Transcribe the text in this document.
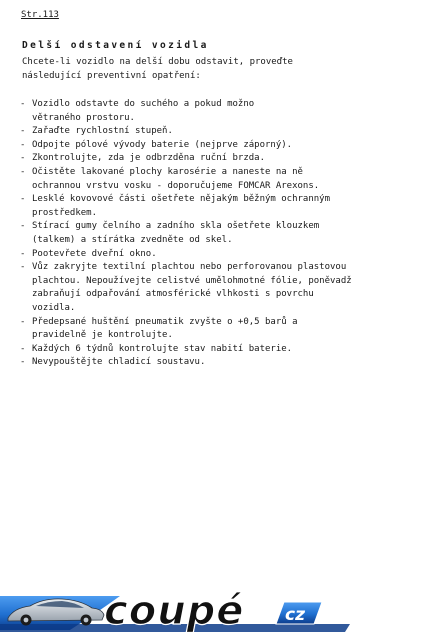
Str.113
Delší odstavení vozidla
Chcete-li vozidlo na delší dobu odstavit, proveďte
následující preventivní opatření:
- Vozidlo odstavte do suchého a pokud možno
větraného prostoru.
- Zařaďte rychlostní stupeň.
- Odpojte pólové vývody baterie (nejprve záporný).
- Zkontrolujte, zda je odbrzděna ruční brzda.
- Očistěte lakované plochy karosérie a naneste na ně
ochrannou vrstvu vosku - doporučujeme FOMCAR Arexons.
- Lesklé kovovové části ošetřete nějakým běžným ochranným
prostředkem.
- Stírací gumy čelního a zadního skla ošetřete klouzkem
(talkem) a stírátka zvedněte od skel.
- Pootevřete dveřní okno.
- Vůz zakryjte textilní plachtou nebo perforovanou plastovou
plachtou. Nepoužívejte celistvé umělohmotné fólie, poněvadž
zabraňují odpařování atmosférické vlhkosti s povrchu
vozidla.
- Předepsané huštění pneumatik zvyšte o +0,5 barů a
pravidelně je kontrolujte.
- Každých 6 týdnů kontrolujte stav nabití baterie.
- Nevypouštějte chladicí soustavu.
coupé cz
